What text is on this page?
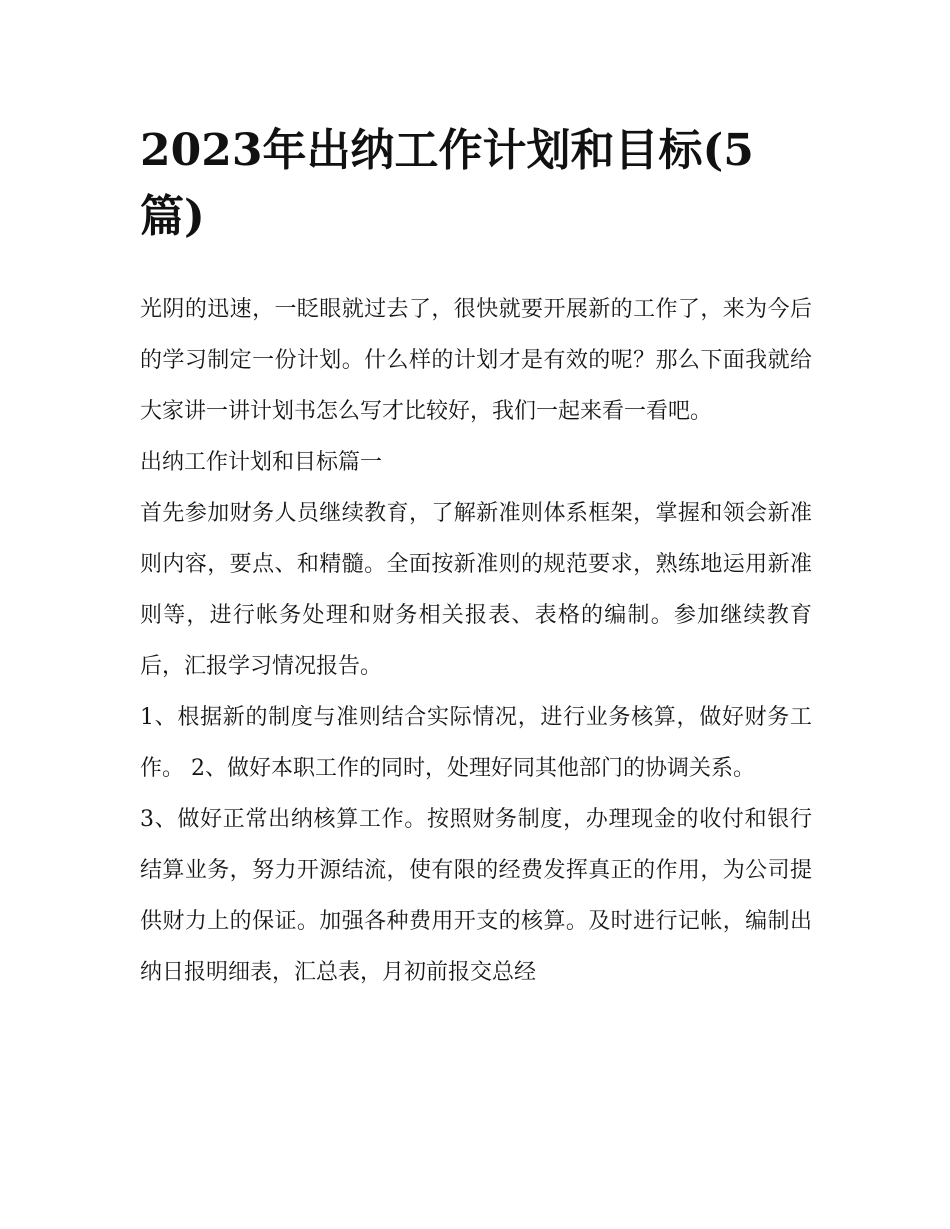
2023年出纳工作计划和目标(5篇)

光阴的迅速，一眨眼就过去了，很快就要开展新的工作了，来为今后的学习制定一份计划。什么样的计划才是有效的呢？那么下面我就给大家讲一讲计划书怎么写才比较好，我们一起来看一看吧。

出纳工作计划和目标篇一

首先参加财务人员继续教育，了解新准则体系框架，掌握和领会新准则内容，要点、和精髓。全面按新准则的规范要求，熟练地运用新准则等，进行帐务处理和财务相关报表、表格的编制。参加继续教育后，汇报学习情况报告。

1、根据新的制度与准则结合实际情况，进行业务核算，做好财务工作。 2、做好本职工作的同时，处理好同其他部门的协调关系。

3、做好正常出纳核算工作。按照财务制度，办理现金的收付和银行结算业务，努力开源结流，使有限的经费发挥真正的作用，为公司提供财力上的保证。加强各种费用开支的核算。及时进行记帐，编制出纳日报明细表，汇总表，月初前报交总经
